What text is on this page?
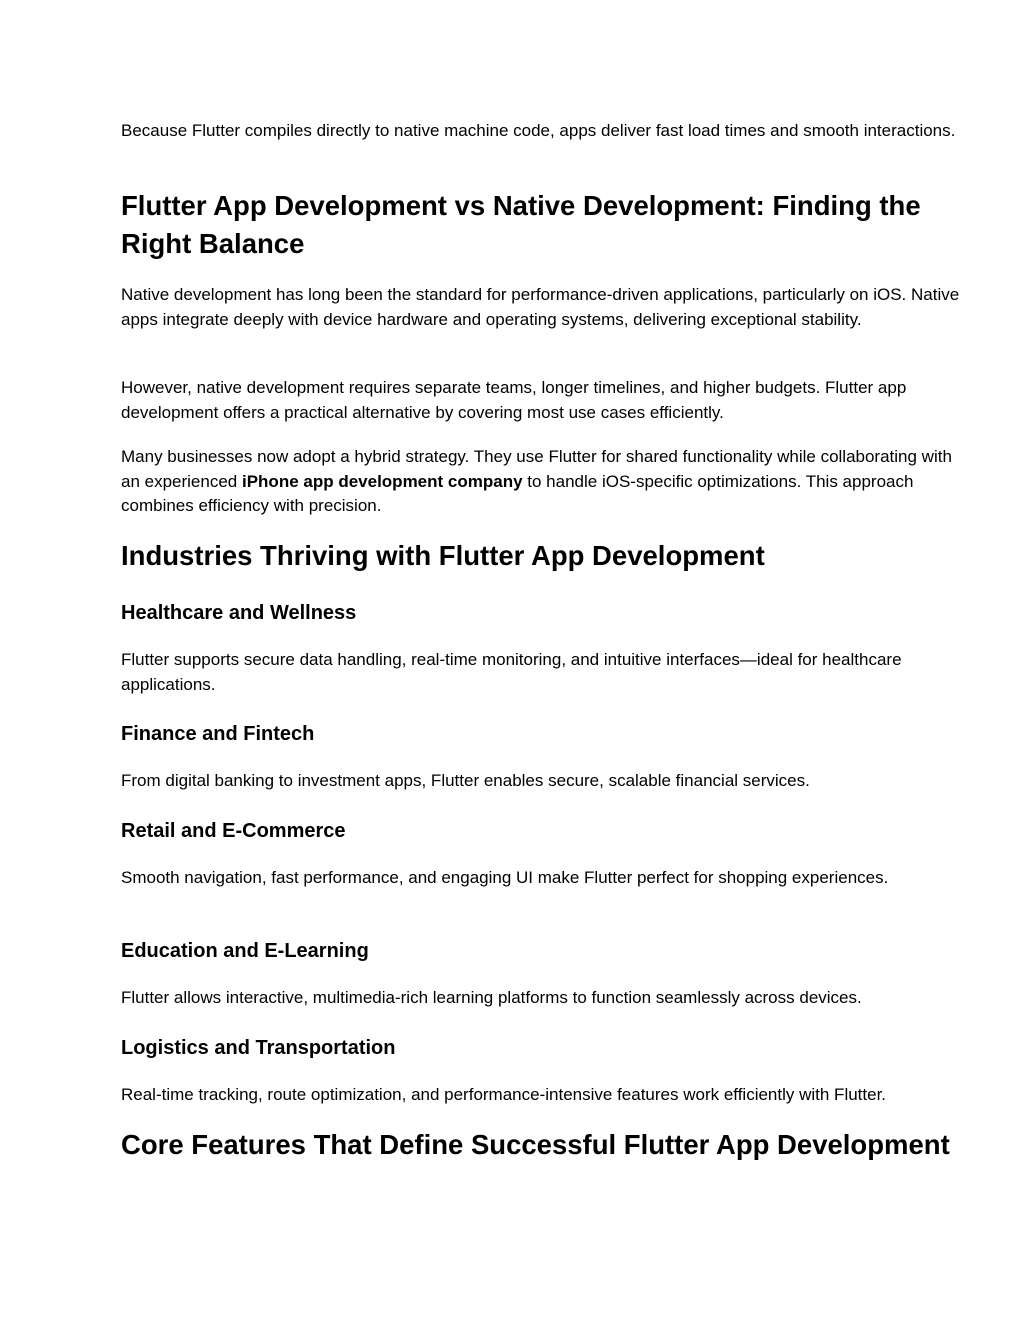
Because Flutter compiles directly to native machine code, apps deliver fast load times and smooth interactions.

Flutter App Development vs Native Development: Finding the Right Balance

Native development has long been the standard for performance-driven applications, particularly on iOS. Native apps integrate deeply with device hardware and operating systems, delivering exceptional stability.

However, native development requires separate teams, longer timelines, and higher budgets. Flutter app development offers a practical alternative by covering most use cases efficiently.

Many businesses now adopt a hybrid strategy. They use Flutter for shared functionality while collaborating with an experienced iPhone app development company to handle iOS-specific optimizations. This approach combines efficiency with precision.

Industries Thriving with Flutter App Development
Healthcare and Wellness

Flutter supports secure data handling, real-time monitoring, and intuitive interfaces—ideal for healthcare applications.

Finance and Fintech

From digital banking to investment apps, Flutter enables secure, scalable financial services.

Retail and E-Commerce

Smooth navigation, fast performance, and engaging UI make Flutter perfect for shopping experiences.

Education and E-Learning

Flutter allows interactive, multimedia-rich learning platforms to function seamlessly across devices.

Logistics and Transportation

Real-time tracking, route optimization, and performance-intensive features work efficiently with Flutter.

Core Features That Define Successful Flutter App Development
